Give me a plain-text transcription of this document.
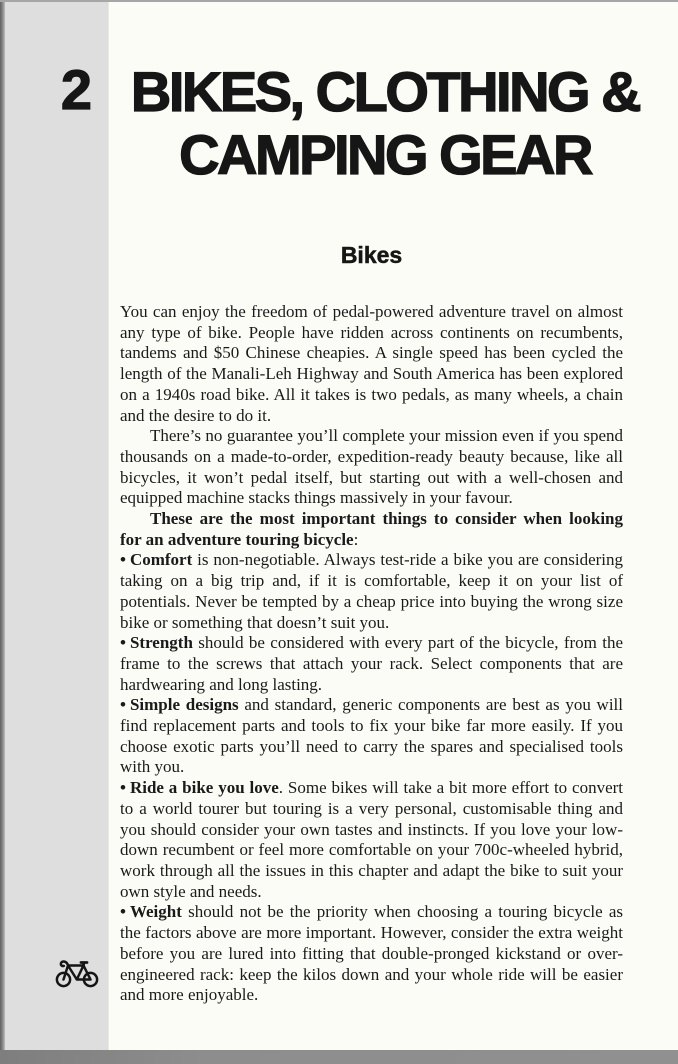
2 BIKES, CLOTHING &
CAMPING GEAR
Bikes

You can enjoy the freedom of pedal-powered adventure travel on almost any type of bike. People have ridden across continents on recumbents, tandems and $50 Chinese cheapies. A single speed has been cycled the length of the Manali-Leh Highway and South America has been explored on a 1940s road bike. All it takes is two pedals, as many wheels, a chain and the desire to do it.

There’s no guarantee you’ll complete your mission even if you spend thousands on a made-to-order, expedition-ready beauty because, like all bicycles, it won’t pedal itself, but starting out with a well-chosen and equipped machine stacks things massively in your favour.

These are the most important things to consider when looking for an adventure touring bicycle:

• Comfort is non-negotiable. Always test-ride a bike you are considering taking on a big trip and, if it is comfortable, keep it on your list of potentials. Never be tempted by a cheap price into buying the wrong size bike or something that doesn’t suit you.

• Strength should be considered with every part of the bicycle, from the frame to the screws that attach your rack. Select components that are hardwearing and long lasting.

• Simple designs and standard, generic components are best as you will find replacement parts and tools to fix your bike far more easily. If you choose exotic parts you’ll need to carry the spares and specialised tools with you.

• Ride a bike you love. Some bikes will take a bit more effort to convert to a world tourer but touring is a very personal, customisable thing and you should consider your own tastes and instincts. If you love your low-down recumbent or feel more comfortable on your 700c-wheeled hybrid, work through all the issues in this chapter and adapt the bike to suit your own style and needs.

• Weight should not be the priority when choosing a touring bicycle as the factors above are more important. However, consider the extra weight before you are lured into fitting that double-pronged kickstand or over-engineered rack: keep the kilos down and your whole ride will be easier and more enjoyable.
